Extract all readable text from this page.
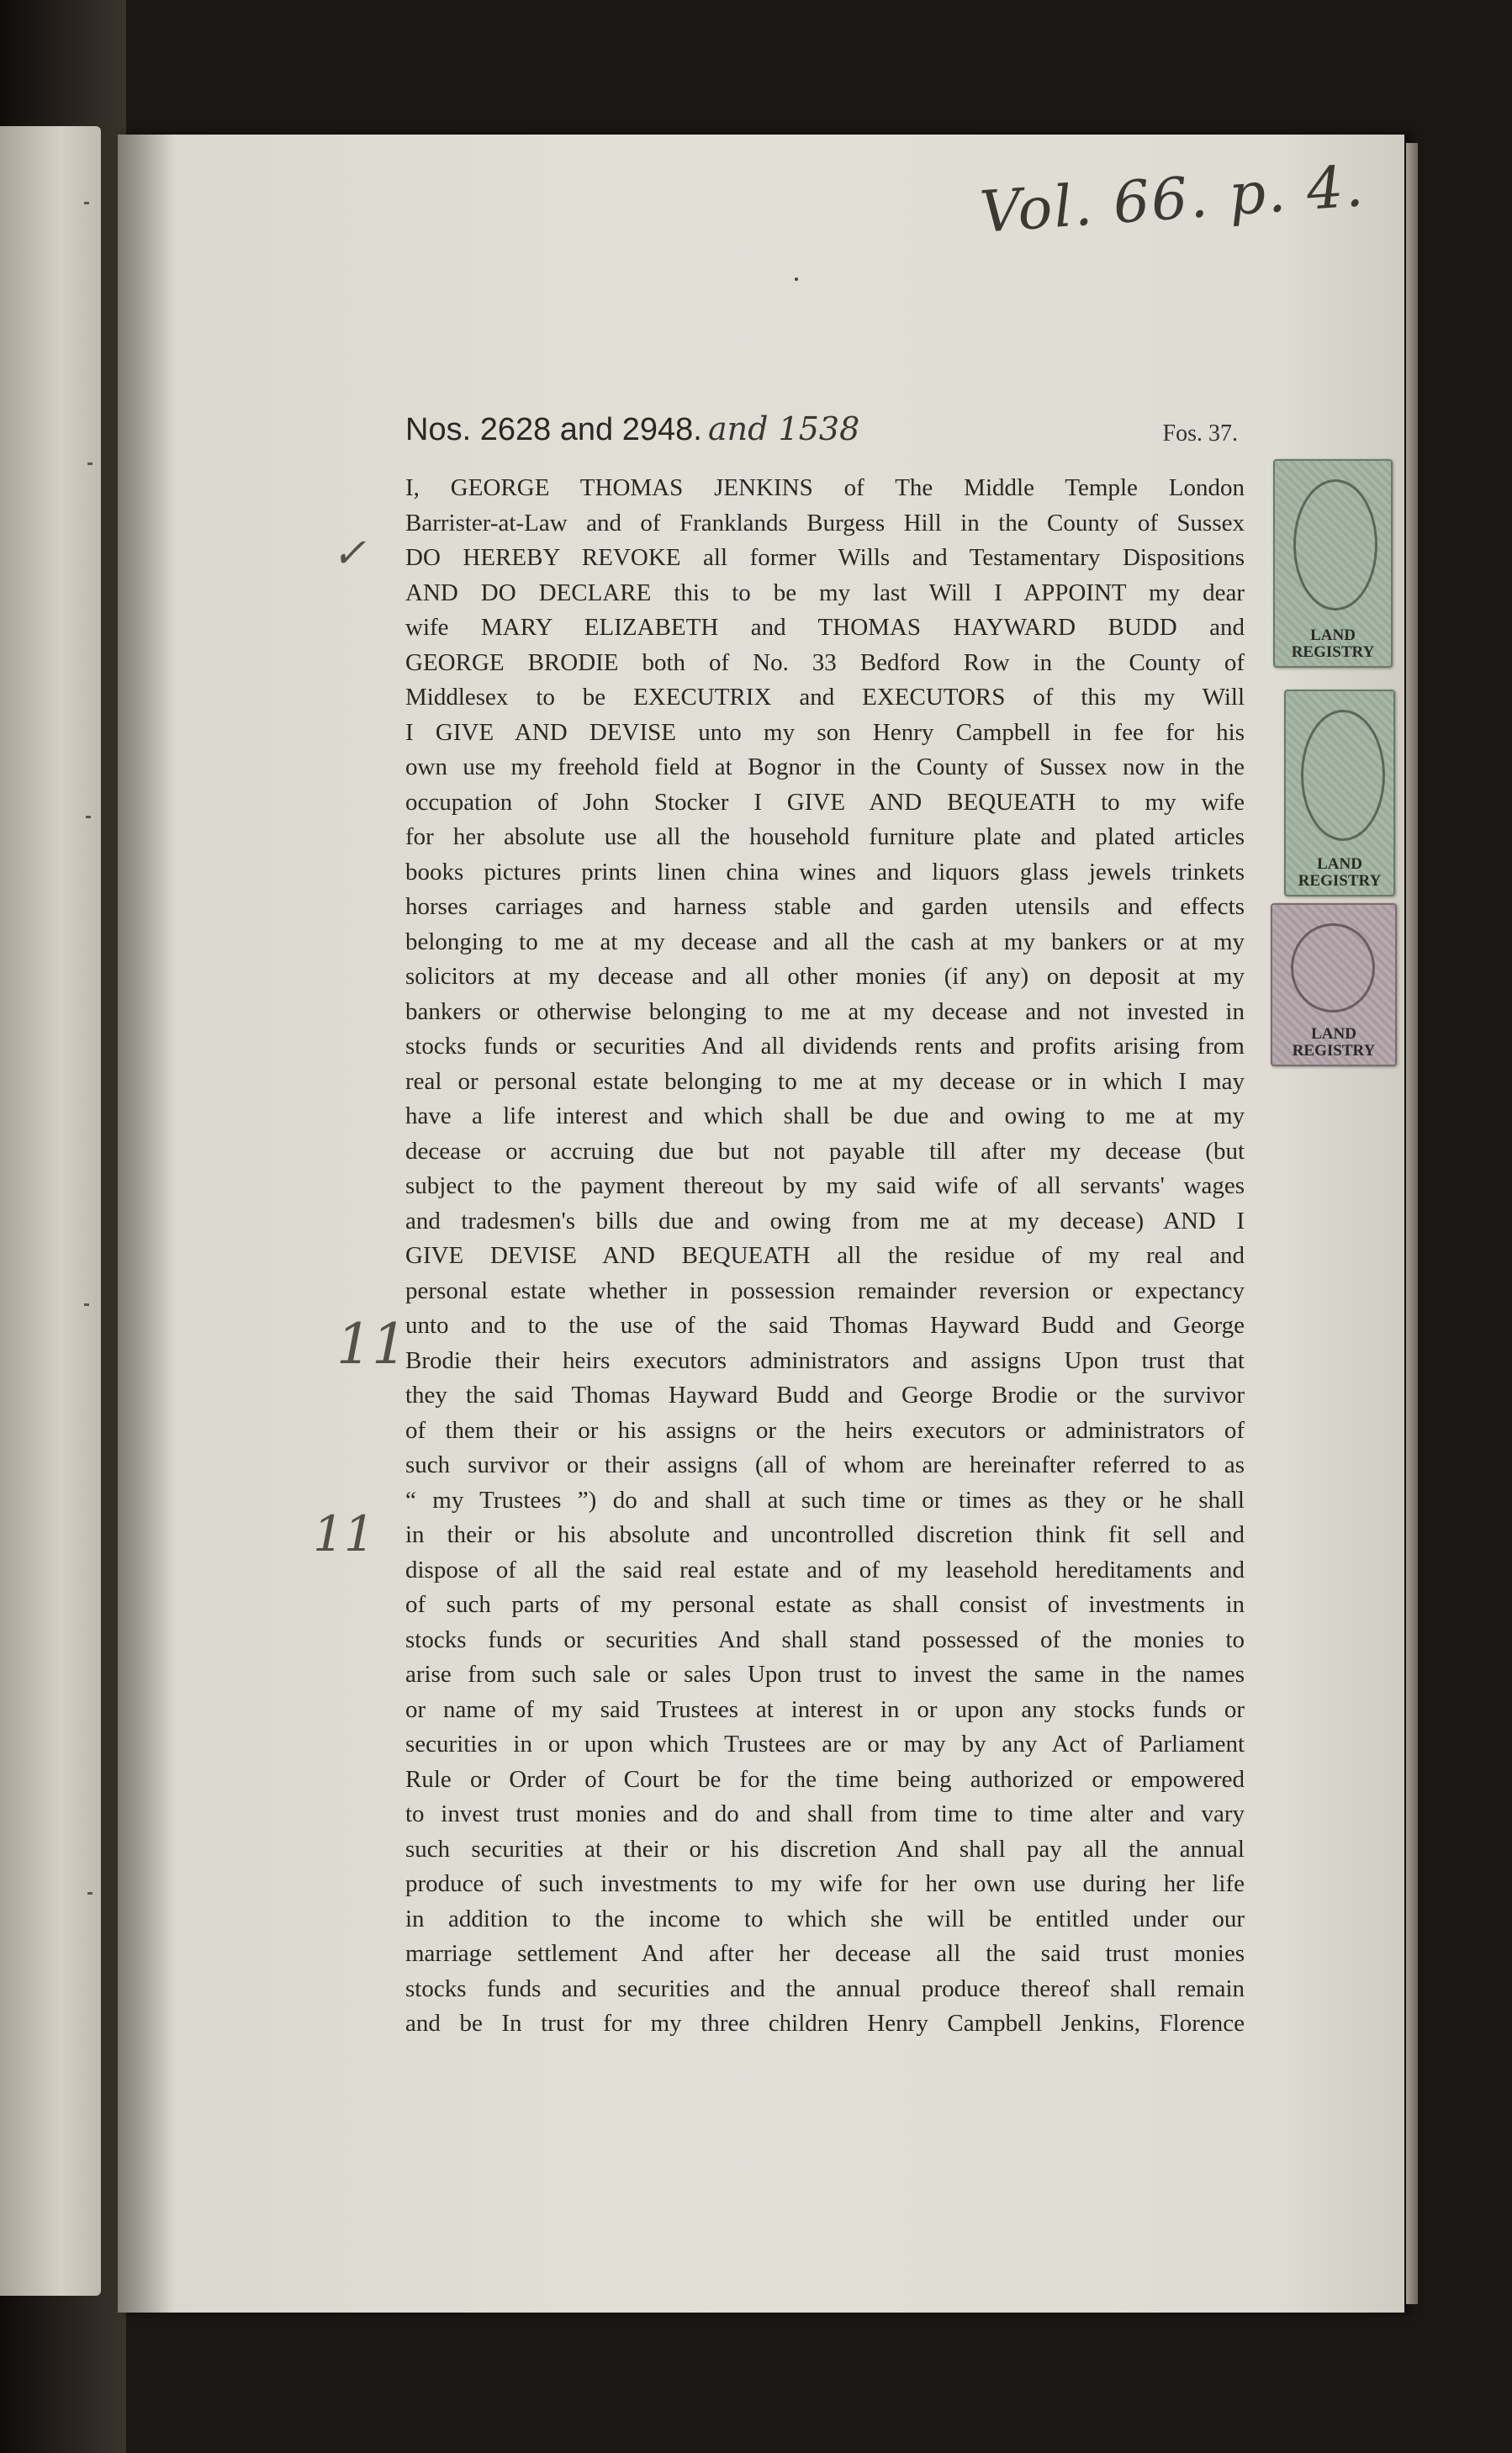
Vol. 66. p. 4.
Nos. 2628 and 2948. and 1538	Fos. 37.
✓
11
11
LAND REGISTRY
LAND REGISTRY
LAND REGISTRY
I, GEORGE THOMAS JENKINS of The Middle Temple London
Barrister-at-Law and of Franklands Burgess Hill in the County of Sussex
DO HEREBY REVOKE all former Wills and Testamentary Dispositions
AND DO DECLARE this to be my last Will I APPOINT my dear
wife MARY ELIZABETH and THOMAS HAYWARD BUDD and
GEORGE BRODIE both of No. 33 Bedford Row in the County of
Middlesex to be EXECUTRIX and EXECUTORS of this my Will
I GIVE AND DEVISE unto my son Henry Campbell in fee for his
own use my freehold field at Bognor in the County of Sussex now in the
occupation of John Stocker I GIVE AND BEQUEATH to my wife
for her absolute use all the household furniture plate and plated articles
books pictures prints linen china wines and liquors glass jewels trinkets
horses carriages and harness stable and garden utensils and effects
belonging to me at my decease and all the cash at my bankers or at my
solicitors at my decease and all other monies (if any) on deposit at my
bankers or otherwise belonging to me at my decease and not invested in
stocks funds or securities And all dividends rents and profits arising from
real or personal estate belonging to me at my decease or in which I may
have a life interest and which shall be due and owing to me at my
decease or accruing due but not payable till after my decease (but
subject to the payment thereout by my said wife of all servants' wages
and tradesmen's bills due and owing from me at my decease) AND I
GIVE DEVISE AND BEQUEATH all the residue of my real and
personal estate whether in possession remainder reversion or expectancy
unto and to the use of the said Thomas Hayward Budd and George
Brodie their heirs executors administrators and assigns Upon trust that
they the said Thomas Hayward Budd and George Brodie or the survivor
of them their or his assigns or the heirs executors or administrators of
such survivor or their assigns (all of whom are hereinafter referred to as
“ my Trustees ”) do and shall at such time or times as they or he shall
in their or his absolute and uncontrolled discretion think fit sell and
dispose of all the said real estate and of my leasehold hereditaments and
of such parts of my personal estate as shall consist of investments in
stocks funds or securities And shall stand possessed of the monies to
arise from such sale or sales Upon trust to invest the same in the names
or name of my said Trustees at interest in or upon any stocks funds or
securities in or upon which Trustees are or may by any Act of Parliament
Rule or Order of Court be for the time being authorized or empowered
to invest trust monies and do and shall from time to time alter and vary
such securities at their or his discretion And shall pay all the annual
produce of such investments to my wife for her own use during her life
in addition to the income to which she will be entitled under our
marriage settlement And after her decease all the said trust monies
stocks funds and securities and the annual produce thereof shall remain
and be In trust for my three children Henry Campbell Jenkins, Florence
